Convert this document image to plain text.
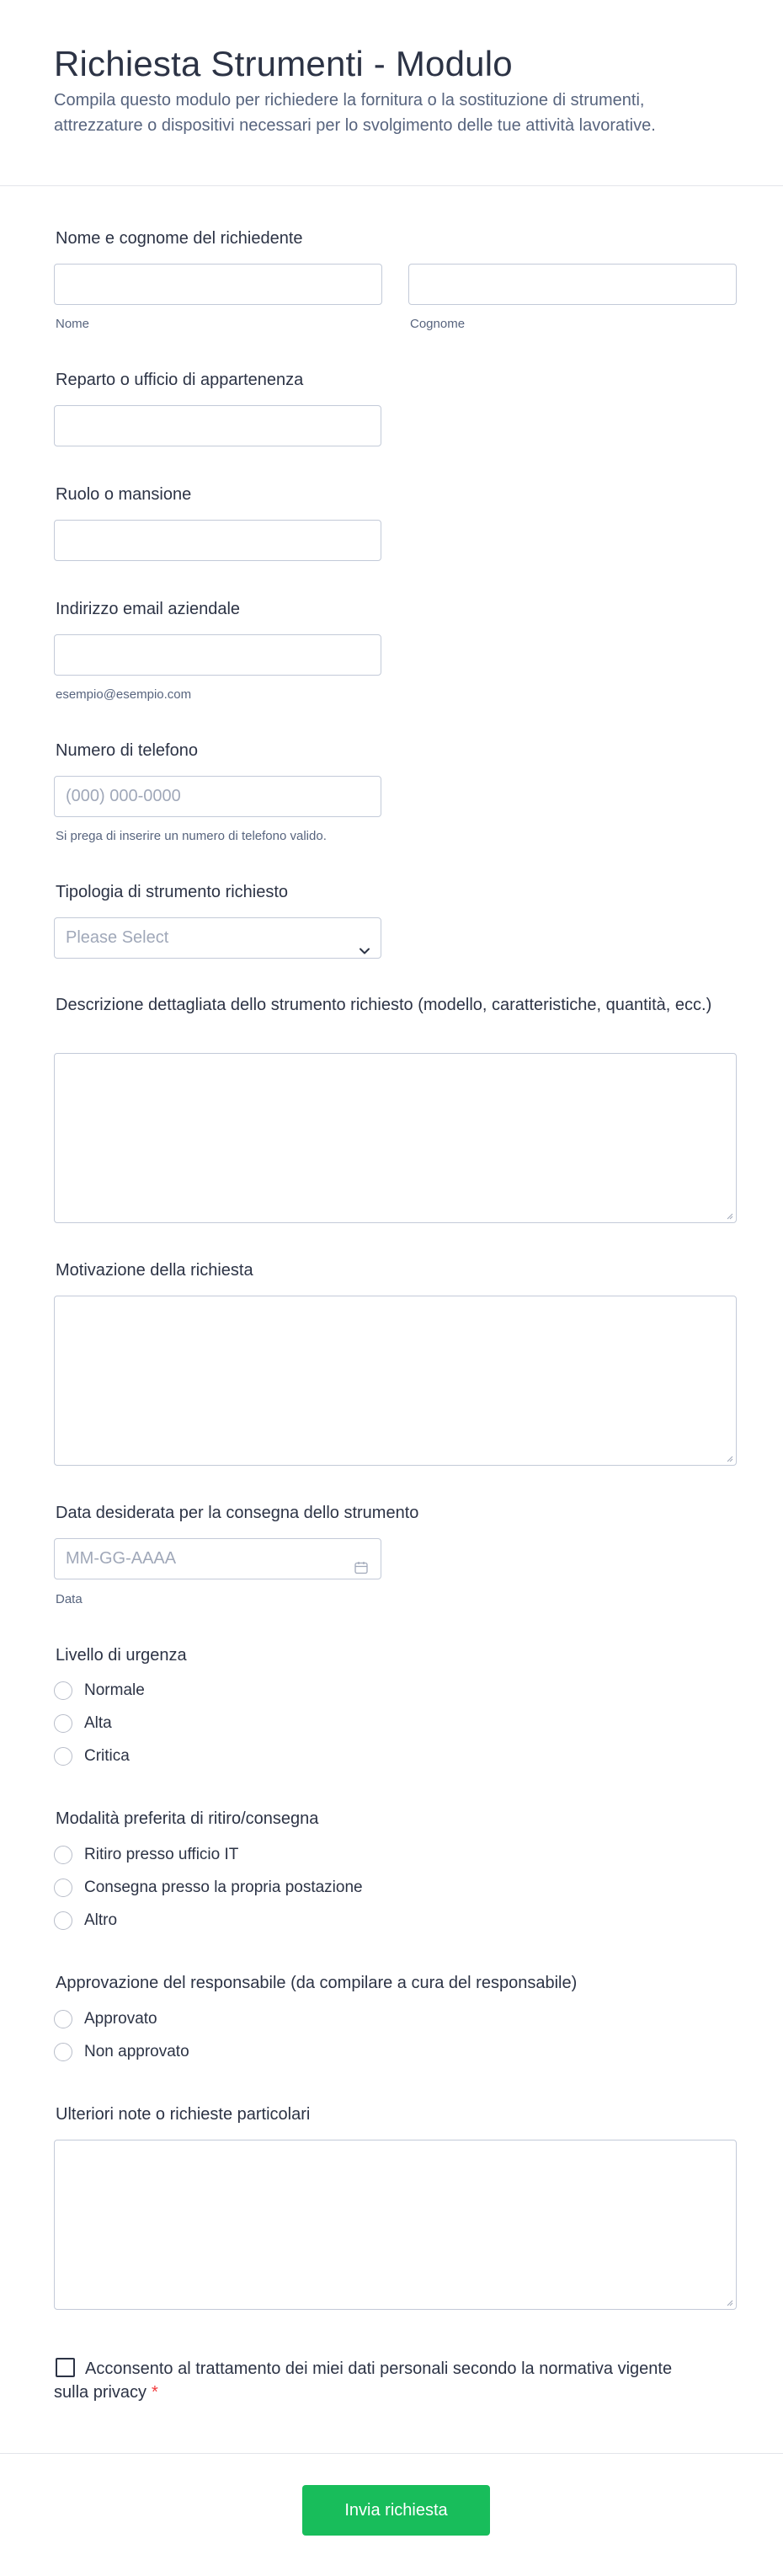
Richiesta Strumenti - Modulo

Compila questo modulo per richiedere la fornitura o la sostituzione di strumenti, attrezzature o dispositivi necessari per lo svolgimento delle tue attività lavorative.

Nome e cognome del richiedente
Nome	Cognome
Reparto o ufficio di appartenenza
Ruolo o mansione
Indirizzo email aziendale
esempio@esempio.com
Numero di telefono
(000) 000-0000
Si prega di inserire un numero di telefono valido.
Tipologia di strumento richiesto
Please Select
Descrizione dettagliata dello strumento richiesto (modello, caratteristiche, quantità, ecc.)
Motivazione della richiesta
Data desiderata per la consegna dello strumento
MM-GG-AAAA
Data
Livello di urgenza
Normale
Alta
Critica
Modalità preferita di ritiro/consegna
Ritiro presso ufficio IT
Consegna presso la propria postazione
Altro
Approvazione del responsabile (da compilare a cura del responsabile)
Approvato
Non approvato
Ulteriori note o richieste particolari
Acconsento al trattamento dei miei dati personali secondo la normativa vigente sulla privacy *
Invia richiesta
